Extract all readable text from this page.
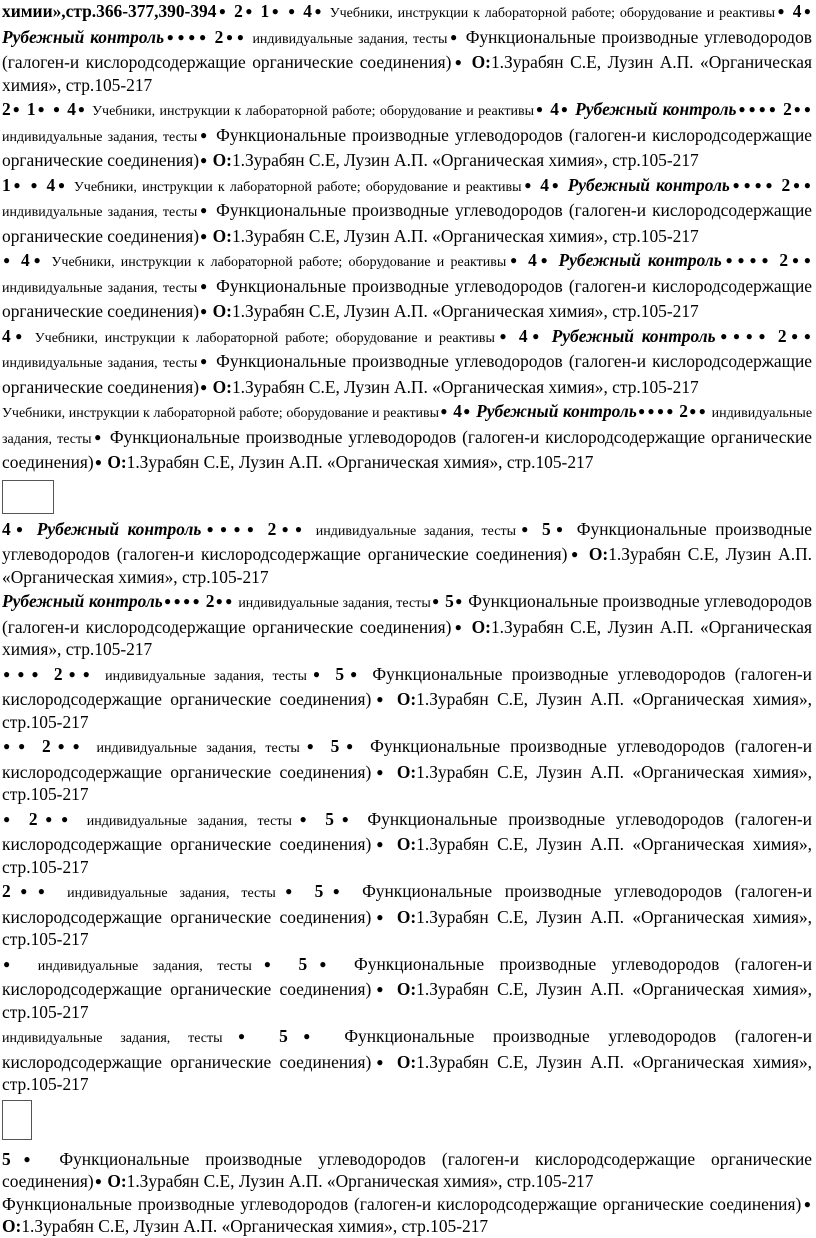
химии»,стр.366-377,390-394● 2● 1● ● 4● Учебники, инструкции к лабораторной работе; оборудование и реактивы● 4● Рубежный контроль● ● ● ● 2● ● индивидуальные задания, тесты● Функциональные производные углеводородов (галоген-и кислородсодержащие органические соединения)● О:1.Зурабян С.Е, Лузин А.П. «Органическая химия», стр.105-217

2● 1● ● 4● Учебники, инструкции к лабораторной работе; оборудование и реактивы● 4● Рубежный контроль● ● ● ● 2● ● индивидуальные задания, тесты● Функциональные производные углеводородов (галоген-и кислородсодержащие органические соединения)● О:1.Зурабян С.Е, Лузин А.П. «Органическая химия», стр.105-217

1● ● 4● Учебники, инструкции к лабораторной работе; оборудование и реактивы● 4● Рубежный контроль● ● ● ● 2● ● индивидуальные задания, тесты● Функциональные производные углеводородов (галоген-и кислородсодержащие органические соединения)● О:1.Зурабян С.Е, Лузин А.П. «Органическая химия», стр.105-217

● 4● Учебники, инструкции к лабораторной работе; оборудование и реактивы● 4● Рубежный контроль● ● ● ● 2● ● индивидуальные задания, тесты● Функциональные производные углеводородов (галоген-и кислородсодержащие органические соединения)● О:1.Зурабян С.Е, Лузин А.П. «Органическая химия», стр.105-217

4● Учебники, инструкции к лабораторной работе; оборудование и реактивы● 4● Рубежный контроль● ● ● ● 2● ● индивидуальные задания, тесты● Функциональные производные углеводородов (галоген-и кислородсодержащие органические соединения)● О:1.Зурабян С.Е, Лузин А.П. «Органическая химия», стр.105-217

Учебники, инструкции к лабораторной работе; оборудование и реактивы● 4● Рубежный контроль● ● ● ● 2● ● индивидуальные задания, тесты● Функциональные производные углеводородов (галоген-и кислородсодержащие органические соединения)● О:1.Зурабян С.Е, Лузин А.П. «Органическая химия», стр.105-217

4● Рубежный контроль● ● ● ● 2● ● индивидуальные задания, тесты● 5● Функциональные производные углеводородов (галоген-и кислородсодержащие органические соединения)● О:1.Зурабян С.Е, Лузин А.П. «Органическая химия», стр.105-217

Рубежный контроль● ● ● ● 2● ● индивидуальные задания, тесты● 5● Функциональные производные углеводородов (галоген-и кислородсодержащие органические соединения)● О:1.Зурабян С.Е, Лузин А.П. «Органическая химия», стр.105-217

● ● ● 2● ● индивидуальные задания, тесты● 5● Функциональные производные углеводородов (галоген-и кислородсодержащие органические соединения)● О:1.Зурабян С.Е, Лузин А.П. «Органическая химия», стр.105-217

● ● 2● ● индивидуальные задания, тесты● 5● Функциональные производные углеводородов (галоген-и кислородсодержащие органические соединения)● О:1.Зурабян С.Е, Лузин А.П. «Органическая химия», стр.105-217

● 2● ● индивидуальные задания, тесты● 5● Функциональные производные углеводородов (галоген-и кислородсодержащие органические соединения)● О:1.Зурабян С.Е, Лузин А.П. «Органическая химия», стр.105-217

2● ● индивидуальные задания, тесты● 5● Функциональные производные углеводородов (галоген-и кислородсодержащие органические соединения)● О:1.Зурабян С.Е, Лузин А.П. «Органическая химия», стр.105-217

● индивидуальные задания, тесты● 5● Функциональные производные углеводородов (галоген-и кислородсодержащие органические соединения)● О:1.Зурабян С.Е, Лузин А.П. «Органическая химия», стр.105-217

индивидуальные задания, тесты● 5● Функциональные производные углеводородов (галоген-и кислородсодержащие органические соединения)● О:1.Зурабян С.Е, Лузин А.П. «Органическая химия», стр.105-217

5● Функциональные производные углеводородов (галоген-и кислородсодержащие органические соединения)● О:1.Зурабян С.Е, Лузин А.П. «Органическая химия», стр.105-217

Функциональные производные углеводородов (галоген-и кислородсодержащие органические соединения)● О:1.Зурабян С.Е, Лузин А.П. «Органическая химия», стр.105-217
